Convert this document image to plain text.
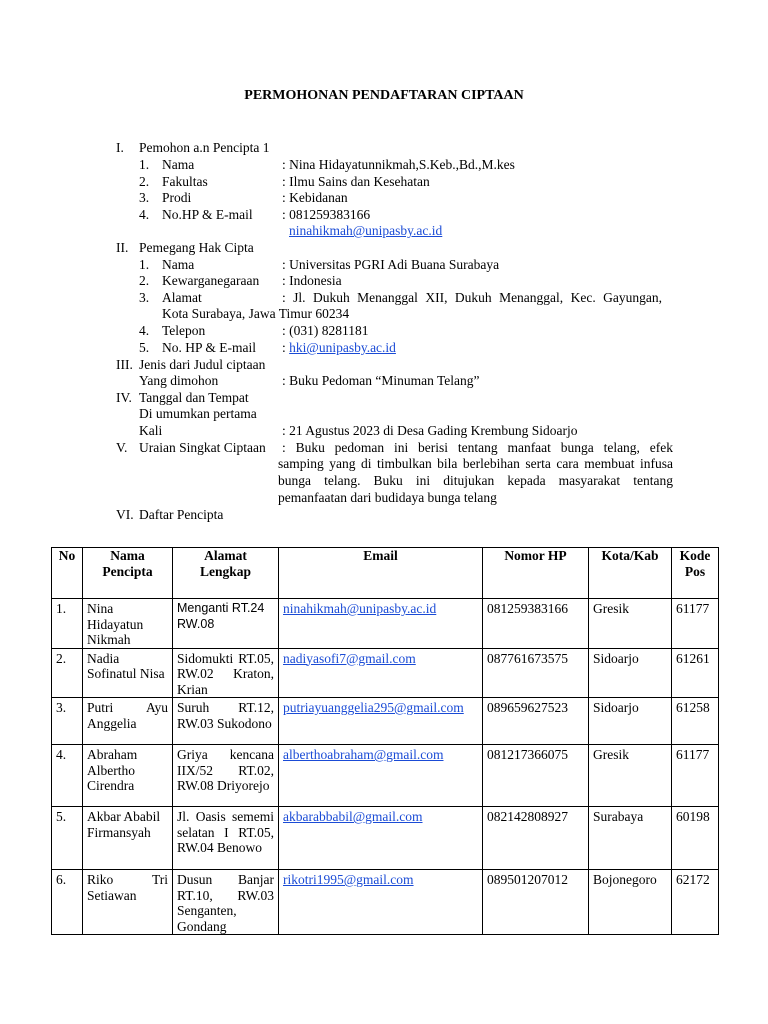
PERMOHONAN PENDAFTARAN CIPTAAN
I. Pemohon a.n Pencipta 1
1. Nama	: Nina Hidayatunnikmah,S.Keb.,Bd.,M.kes
2. Fakultas	: Ilmu Sains dan Kesehatan
3. Prodi	: Kebidanan
4. No.HP & E-mail : 081259383166
ninahikmah@unipasby.ac.id
II. Pemegang Hak Cipta
1. Nama	: Universitas PGRI Adi Buana Surabaya
2. Kewarganegaraan : Indonesia
3. Alamat	: Jl. Dukuh Menanggal XII, Dukuh Menanggal, Kec. Gayungan,
Kota Surabaya, Jawa Timur 60234
4. Telepon	: (031) 8281181
5. No. HP & E-mail : hki@unipasby.ac.id
III. Jenis dari Judul ciptaan
Yang dimohon	: Buku Pedoman “Minuman Telang”
IV. Tanggal dan Tempat
Di umumkan pertama
Kali	: 21 Agustus 2023 di Desa Gading Krembung Sidoarjo
V. Uraian Singkat Ciptaan : Buku pedoman ini berisi tentang manfaat bunga telang, efek
samping yang di timbulkan bila berlebihan serta cara membuat infusa
bunga telang. Buku ini ditujukan kepada masyarakat tentang
pemanfaatan dari budidaya bunga telang
VI. Daftar Pencipta
No	Nama Pencipta	Alamat Lengkap	Email	Nomor HP	Kota/Kab	Kode Pos
1.	Nina Hidayatun Nikmah	Menganti RT.24 RW.08	ninahikmah@unipasby.ac.id	081259383166	Gresik	61177
2.	Nadia Sofinatul Nisa	Sidomukti RT.05, RW.02 Kraton, Krian	nadiyasofi7@gmail.com	087761673575	Sidoarjo	61261
3.	Putri Ayu Anggelia	Suruh RT.12, RW.03 Sukodono	putriayuanggelia295@gmail.com	089659627523	Sidoarjo	61258
4.	Abraham Albertho Cirendra	Griya kencana IIX/52 RT.02, RW.08 Driyorejo	alberthoabraham@gmail.com	081217366075	Gresik	61177
5.	Akbar Ababil Firmansyah	Jl. Oasis sememi selatan I RT.05, RW.04 Benowo	akbarabbabil@gmail.com	082142808927	Surabaya	60198
6.	Riko Tri Setiawan	Dusun Banjar RT.10, RW.03 Senganten, Gondang	rikotri1995@gmail.com	089501207012	Bojonegoro	62172
